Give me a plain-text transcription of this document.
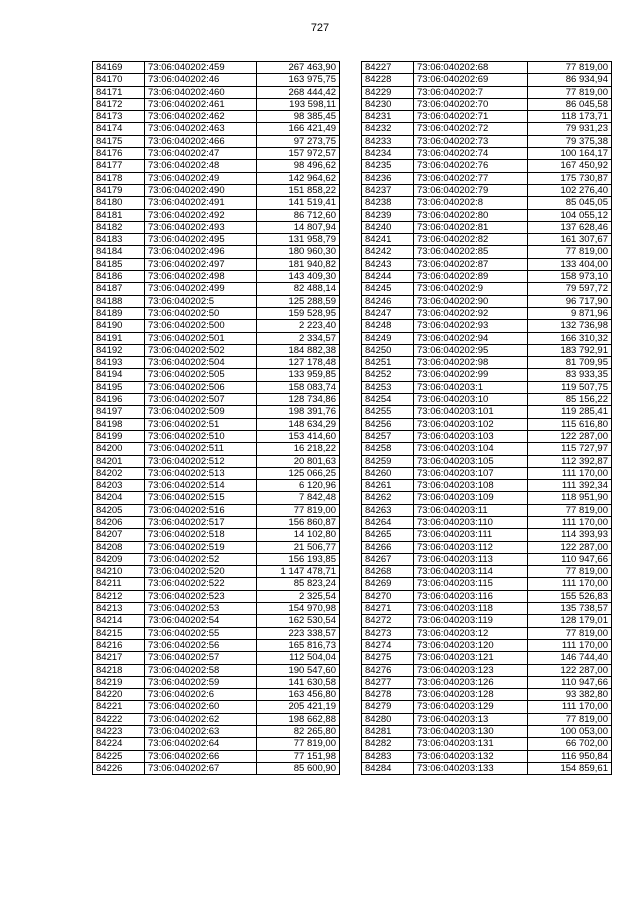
727
84169	73:06:040202:459	267 463,90
84170	73:06:040202:46	163 975,75
84171	73:06:040202:460	268 444,42
84172	73:06:040202:461	193 598,11
84173	73:06:040202:462	98 385,45
84174	73:06:040202:463	166 421,49
84175	73:06:040202:466	97 273,75
84176	73:06:040202:47	157 972,57
84177	73:06:040202:48	98 496,62
84178	73:06:040202:49	142 964,62
84179	73:06:040202:490	151 858,22
84180	73:06:040202:491	141 519,41
84181	73:06:040202:492	86 712,60
84182	73:06:040202:493	14 807,94
84183	73:06:040202:495	131 958,79
84184	73:06:040202:496	180 960,30
84185	73:06:040202:497	181 940,82
84186	73:06:040202:498	143 409,30
84187	73:06:040202:499	82 488,14
84188	73:06:040202:5	125 288,59
84189	73:06:040202:50	159 528,95
84190	73:06:040202:500	2 223,40
84191	73:06:040202:501	2 334,57
84192	73:06:040202:502	184 882,38
84193	73:06:040202:504	127 178,48
84194	73:06:040202:505	133 959,85
84195	73:06:040202:506	158 083,74
84196	73:06:040202:507	128 734,86
84197	73:06:040202:509	198 391,76
84198	73:06:040202:51	148 634,29
84199	73:06:040202:510	153 414,60
84200	73:06:040202:511	16 218,22
84201	73:06:040202:512	20 801,63
84202	73:06:040202:513	125 066,25
84203	73:06:040202:514	6 120,96
84204	73:06:040202:515	7 842,48
84205	73:06:040202:516	77 819,00
84206	73:06:040202:517	156 860,87
84207	73:06:040202:518	14 102,80
84208	73:06:040202:519	21 506,77
84209	73:06:040202:52	156 193,85
84210	73:06:040202:520	1 147 478,71
84211	73:06:040202:522	85 823,24
84212	73:06:040202:523	2 325,54
84213	73:06:040202:53	154 970,98
84214	73:06:040202:54	162 530,54
84215	73:06:040202:55	223 338,57
84216	73:06:040202:56	165 816,73
84217	73:06:040202:57	112 504,04
84218	73:06:040202:58	190 547,60
84219	73:06:040202:59	141 630,58
84220	73:06:040202:6	163 456,80
84221	73:06:040202:60	205 421,19
84222	73:06:040202:62	198 662,88
84223	73:06:040202:63	82 265,80
84224	73:06:040202:64	77 819,00
84225	73:06:040202:66	77 151,98
84226	73:06:040202:67	85 600,90
84227	73:06:040202:68	77 819,00
84228	73:06:040202:69	86 934,94
84229	73:06:040202:7	77 819,00
84230	73:06:040202:70	86 045,58
84231	73:06:040202:71	118 173,71
84232	73:06:040202:72	79 931,23
84233	73:06:040202:73	79 375,38
84234	73:06:040202:74	100 164,17
84235	73:06:040202:76	167 450,92
84236	73:06:040202:77	175 730,87
84237	73:06:040202:79	102 276,40
84238	73:06:040202:8	85 045,05
84239	73:06:040202:80	104 055,12
84240	73:06:040202:81	137 628,46
84241	73:06:040202:82	161 307,67
84242	73:06:040202:85	77 819,00
84243	73:06:040202:87	133 404,00
84244	73:06:040202:89	158 973,10
84245	73:06:040202:9	79 597,72
84246	73:06:040202:90	96 717,90
84247	73:06:040202:92	9 871,96
84248	73:06:040202:93	132 736,98
84249	73:06:040202:94	166 310,32
84250	73:06:040202:95	183 792,91
84251	73:06:040202:98	81 709,95
84252	73:06:040202:99	83 933,35
84253	73:06:040203:1	119 507,75
84254	73:06:040203:10	85 156,22
84255	73:06:040203:101	119 285,41
84256	73:06:040203:102	115 616,80
84257	73:06:040203:103	122 287,00
84258	73:06:040203:104	115 727,97
84259	73:06:040203:105	112 392,87
84260	73:06:040203:107	111 170,00
84261	73:06:040203:108	111 392,34
84262	73:06:040203:109	118 951,90
84263	73:06:040203:11	77 819,00
84264	73:06:040203:110	111 170,00
84265	73:06:040203:111	114 393,93
84266	73:06:040203:112	122 287,00
84267	73:06:040203:113	110 947,66
84268	73:06:040203:114	77 819,00
84269	73:06:040203:115	111 170,00
84270	73:06:040203:116	155 526,83
84271	73:06:040203:118	135 738,57
84272	73:06:040203:119	128 179,01
84273	73:06:040203:12	77 819,00
84274	73:06:040203:120	111 170,00
84275	73:06:040203:121	146 744,40
84276	73:06:040203:123	122 287,00
84277	73:06:040203:126	110 947,66
84278	73:06:040203:128	93 382,80
84279	73:06:040203:129	111 170,00
84280	73:06:040203:13	77 819,00
84281	73:06:040203:130	100 053,00
84282	73:06:040203:131	66 702,00
84283	73:06:040203:132	116 950,84
84284	73:06:040203:133	154 859,61
